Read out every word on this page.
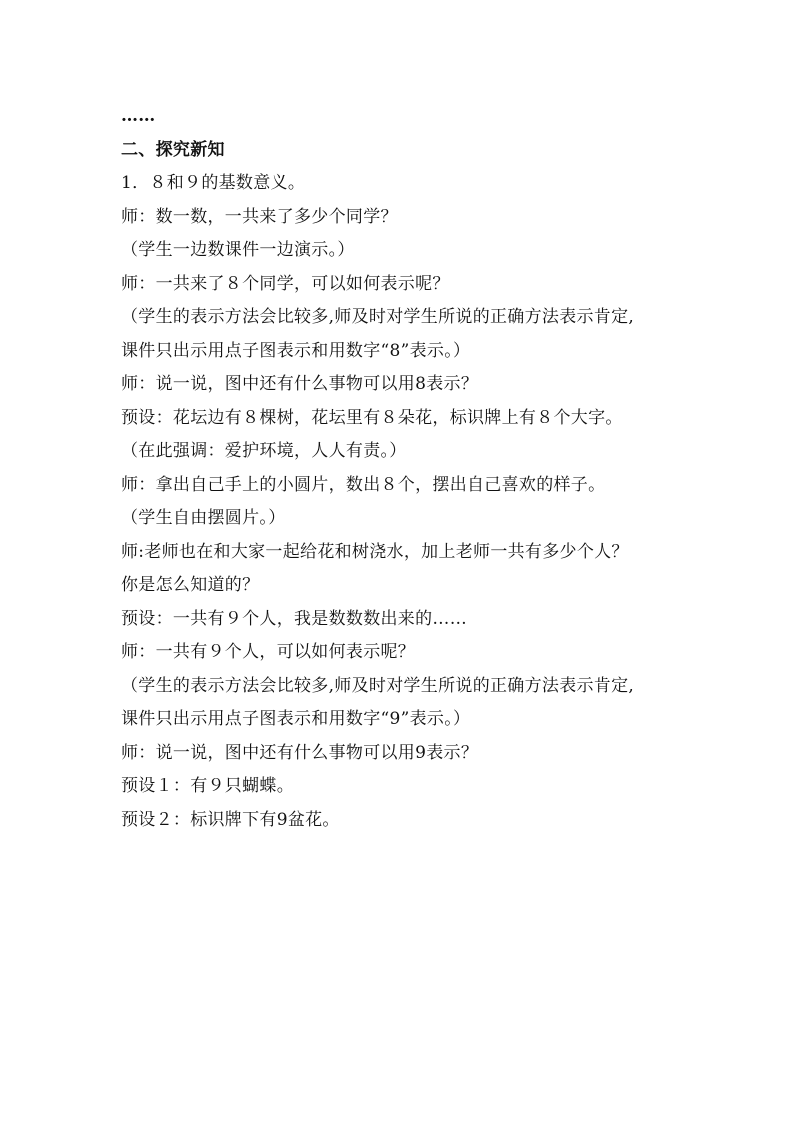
……
二、探究新知
1．８和９的基数意义。
师：数一数，一共来了多少个同学？
（学生一边数课件一边演示。）
师：一共来了８个同学，可以如何表示呢？
（学生的表示方法会比较多,师及时对学生所说的正确方法表示肯定,
课件只出示用点子图表示和用数字“8”表示。）
师：说一说，图中还有什么事物可以用8表示？
预设：花坛边有８棵树，花坛里有８朵花，标识牌上有８个大字。
（在此强调：爱护环境，人人有责。）
师：拿出自己手上的小圆片，数出８个，摆出自己喜欢的样子。
（学生自由摆圆片。）
师:老师也在和大家一起给花和树浇水，加上老师一共有多少个人？
你是怎么知道的？
预设：一共有９个人，我是数数数出来的……
师：一共有９个人，可以如何表示呢？
（学生的表示方法会比较多,师及时对学生所说的正确方法表示肯定,
课件只出示用点子图表示和用数字“9”表示。）
师：说一说，图中还有什么事物可以用9表示？
预设１：有９只蝴蝶。
预设２：标识牌下有9盆花。
